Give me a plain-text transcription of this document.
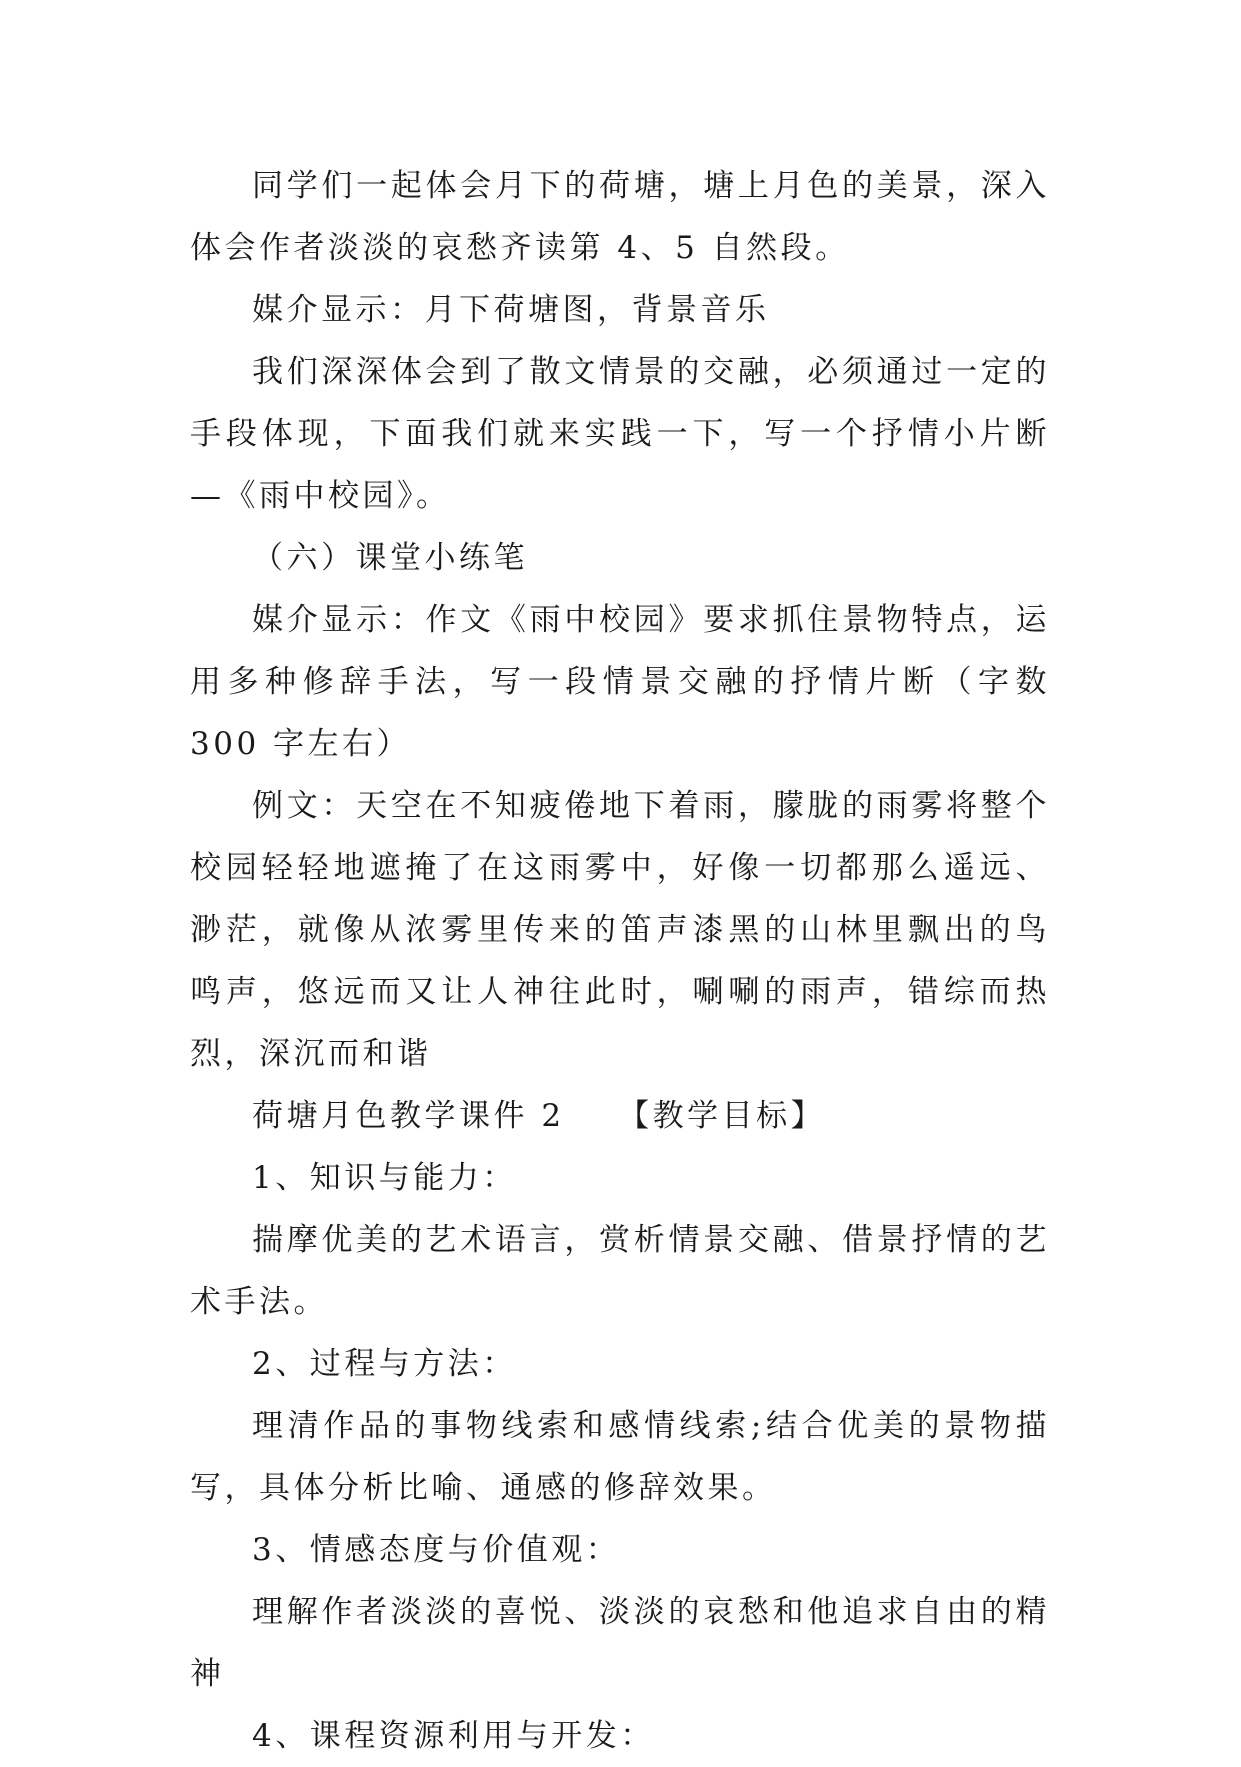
同学们一起体会月下的荷塘，塘上月色的美景，深入体会作者淡淡的哀愁齐读第 4、5 自然段。

媒介显示：月下荷塘图，背景音乐

我们深深体会到了散文情景的交融，必须通过一定的手段体现，下面我们就来实践一下，写一个抒情小片断—《雨中校园》。

（六）课堂小练笔

媒介显示：作文《雨中校园》要求抓住景物特点，运用多种修辞手法，写一段情景交融的抒情片断（字数 300 字左右）

例文：天空在不知疲倦地下着雨，朦胧的雨雾将整个校园轻轻地遮掩了在这雨雾中，好像一切都那么遥远、渺茫，就像从浓雾里传来的笛声漆黑的山林里飘出的鸟鸣声，悠远而又让人神往此时，唰唰的雨声，错综而热烈，深沉而和谐

荷塘月色教学课件 2　　【教学目标】

1、知识与能力：

揣摩优美的艺术语言，赏析情景交融、借景抒情的艺术手法。

2、过程与方法：

理清作品的事物线索和感情线索;结合优美的景物描写，具体分析比喻、通感的修辞效果。

3、情感态度与价值观：

理解作者淡淡的喜悦、淡淡的哀愁和他追求自由的精神

4、课程资源利用与开发：
